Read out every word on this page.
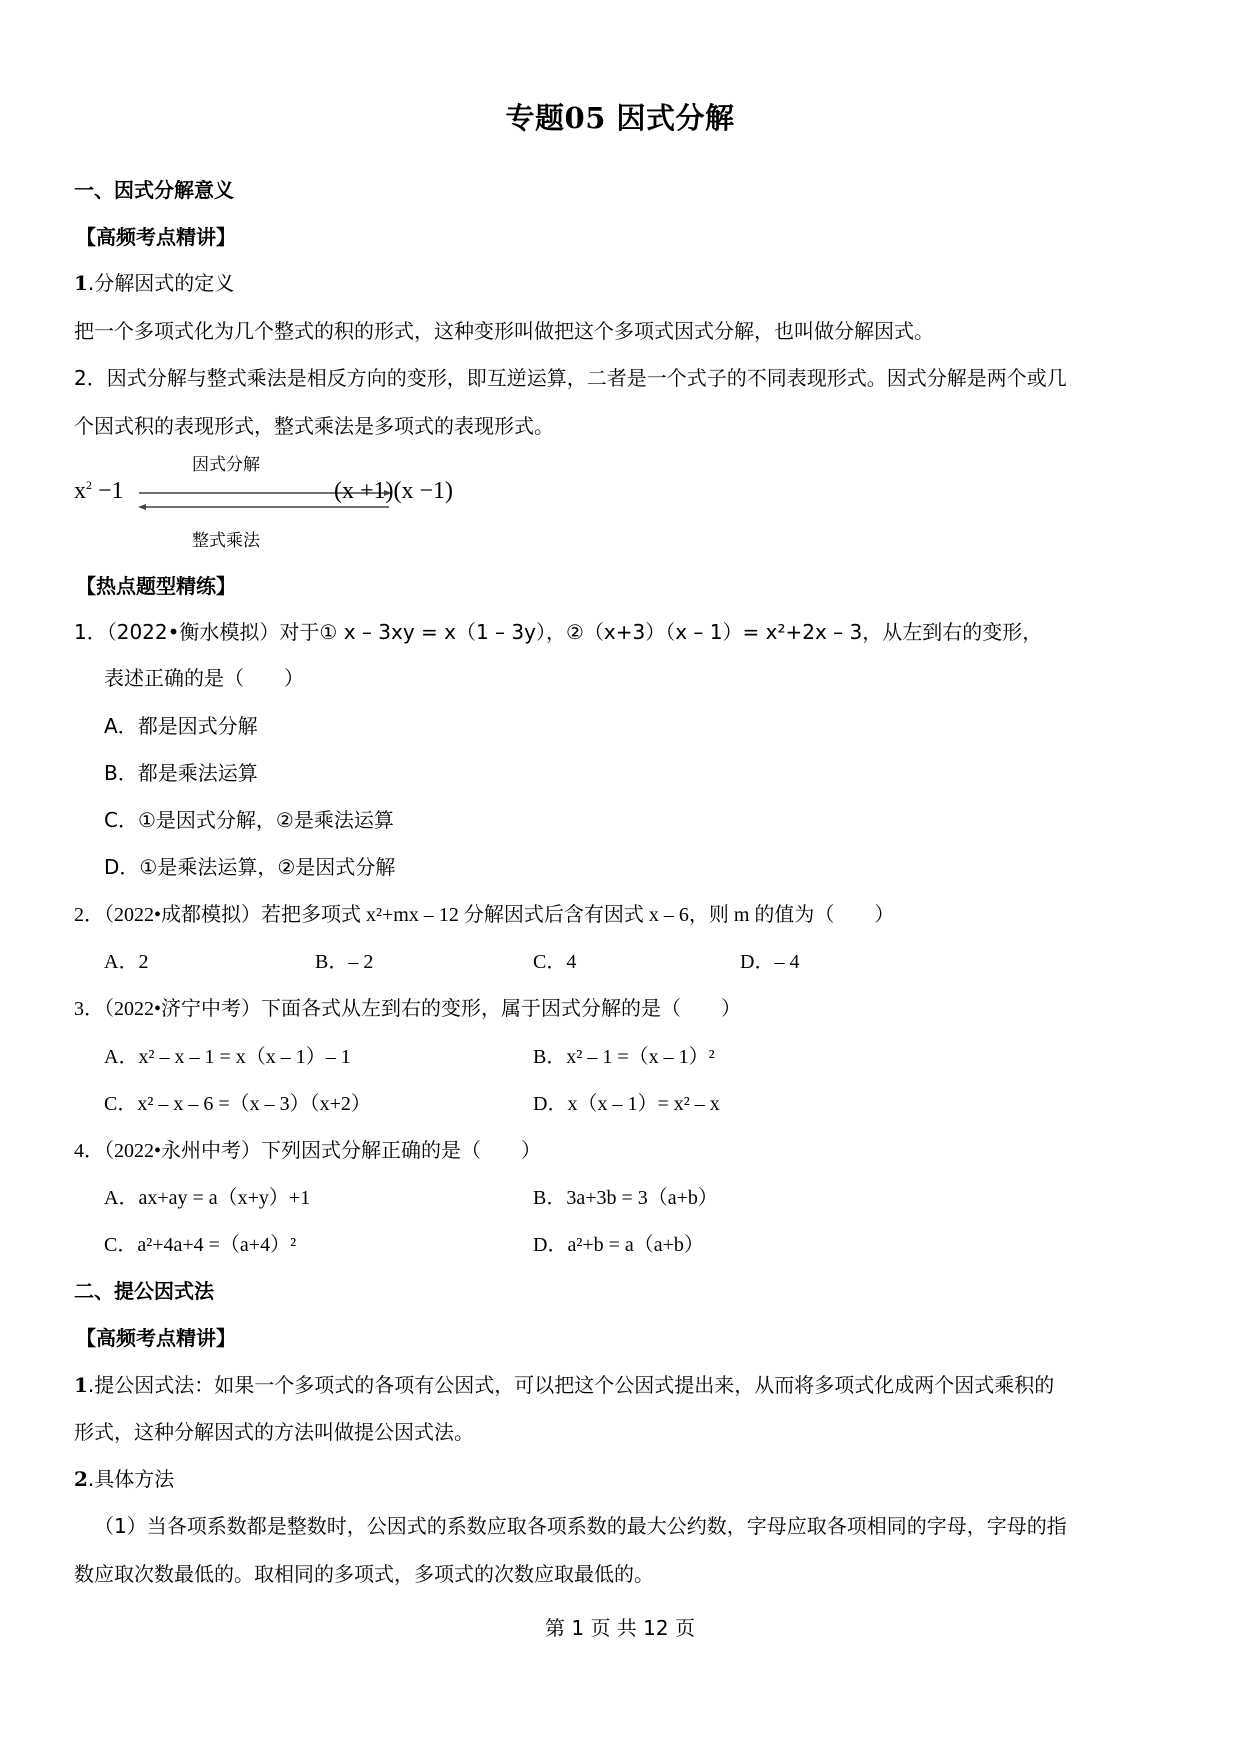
专题05 因式分解
一、因式分解意义
【高频考点精讲】
1.分解因式的定义
把一个多项式化为几个整式的积的形式，这种变形叫做把这个多项式因式分解，也叫做分解因式。
2．因式分解与整式乘法是相反方向的变形，即互逆运算，二者是一个式子的不同表现形式。因式分解是两个或几
个因式积的表现形式，整式乘法是多项式的表现形式。
因式分解
$x^2 -1$	(x +1)(x −1)
整式乘法
【热点题型精练】
1．（2022•衡水模拟）对于① x – 3xy = x（1 – 3y），②（x+3）（x – 1）= x²+2x – 3，从左到右的变形，
表述正确的是（　　）
A．都是因式分解
B．都是乘法运算
C．①是因式分解，②是乘法运算
D．①是乘法运算，②是因式分解
2．（2022•成都模拟）若把多项式 x²+mx – 12 分解因式后含有因式 x – 6，则 m 的值为（　　）
A．2	B．– 2	C．4	D．– 4
3．（2022•济宁中考）下面各式从左到右的变形，属于因式分解的是（　　）
A．x² – x – 1 = x（x – 1）– 1	B．x² – 1 =（x – 1）²
C．x² – x – 6 =（x – 3）（x+2）	D．x（x – 1）= x² – x
4．（2022•永州中考）下列因式分解正确的是（　　）
A．ax+ay = a（x+y）+1	B．3a+3b = 3（a+b）
C．a²+4a+4 =（a+4）²	D．a²+b = a（a+b）
二、提公因式法
【高频考点精讲】
1.提公因式法：如果一个多项式的各项有公因式，可以把这个公因式提出来，从而将多项式化成两个因式乘积的
形式，这种分解因式的方法叫做提公因式法。
2.具体方法
（1）当各项系数都是整数时，公因式的系数应取各项系数的最大公约数，字母应取各项相同的字母，字母的指
数应取次数最低的。取相同的多项式，多项式的次数应取最低的。
第 1 页 共 12 页
